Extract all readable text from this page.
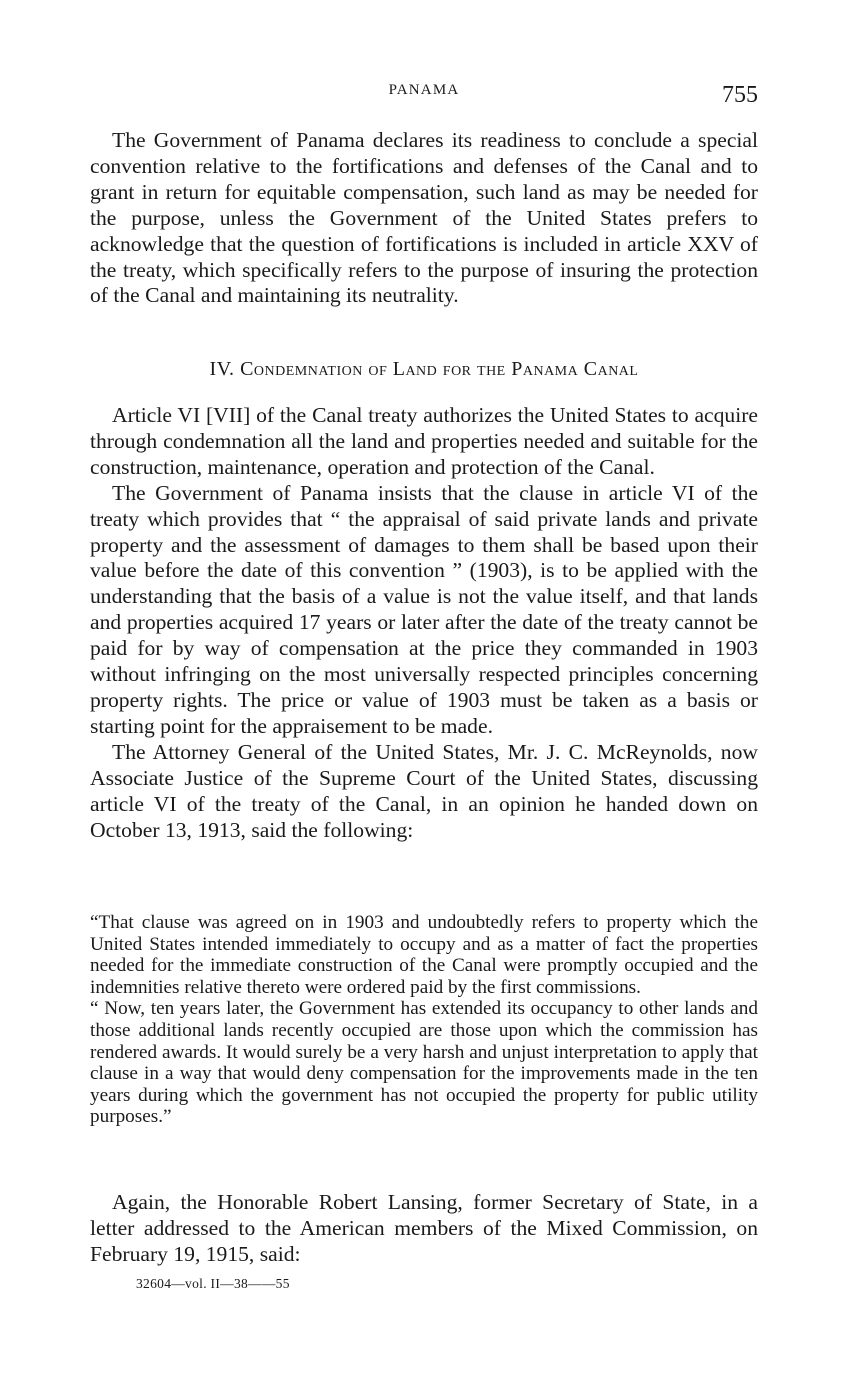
PANAMA	755

The Government of Panama declares its readiness to conclude a special convention relative to the fortifications and defenses of the Canal and to grant in return for equitable compensation, such land as may be needed for the purpose, unless the Government of the United States prefers to acknowledge that the question of fortifications is included in article XXV of the treaty, which specifically refers to the purpose of insuring the protection of the Canal and maintaining its neutrality.

IV. Condemnation of Land for the Panama Canal

Article VI [VII] of the Canal treaty authorizes the United States to acquire through condemnation all the land and properties needed and suitable for the construction, maintenance, operation and protection of the Canal.

The Government of Panama insists that the clause in article VI of the treaty which provides that “ the appraisal of said private lands and private property and the assessment of damages to them shall be based upon their value before the date of this convention ” (1903), is to be applied with the understanding that the basis of a value is not the value itself, and that lands and properties acquired 17 years or later after the date of the treaty cannot be paid for by way of compensation at the price they commanded in 1903 without infringing on the most universally respected principles concerning property rights. The price or value of 1903 must be taken as a basis or starting point for the appraisement to be made.

The Attorney General of the United States, Mr. J. C. McReynolds, now Associate Justice of the Supreme Court of the United States, discussing article VI of the treaty of the Canal, in an opinion he handed down on October 13, 1913, said the following:

“That clause was agreed on in 1903 and undoubtedly refers to property which the United States intended immediately to occupy and as a matter of fact the properties needed for the immediate construction of the Canal were promptly occupied and the indemnities relative thereto were ordered paid by the first commissions.

“ Now, ten years later, the Government has extended its occupancy to other lands and those additional lands recently occupied are those upon which the commission has rendered awards. It would surely be a very harsh and unjust interpretation to apply that clause in a way that would deny compensation for the improvements made in the ten years during which the government has not occupied the property for public utility purposes.”

Again, the Honorable Robert Lansing, former Secretary of State, in a letter addressed to the American members of the Mixed Commission, on February 19, 1915, said:

32604—vol. II—38——55
